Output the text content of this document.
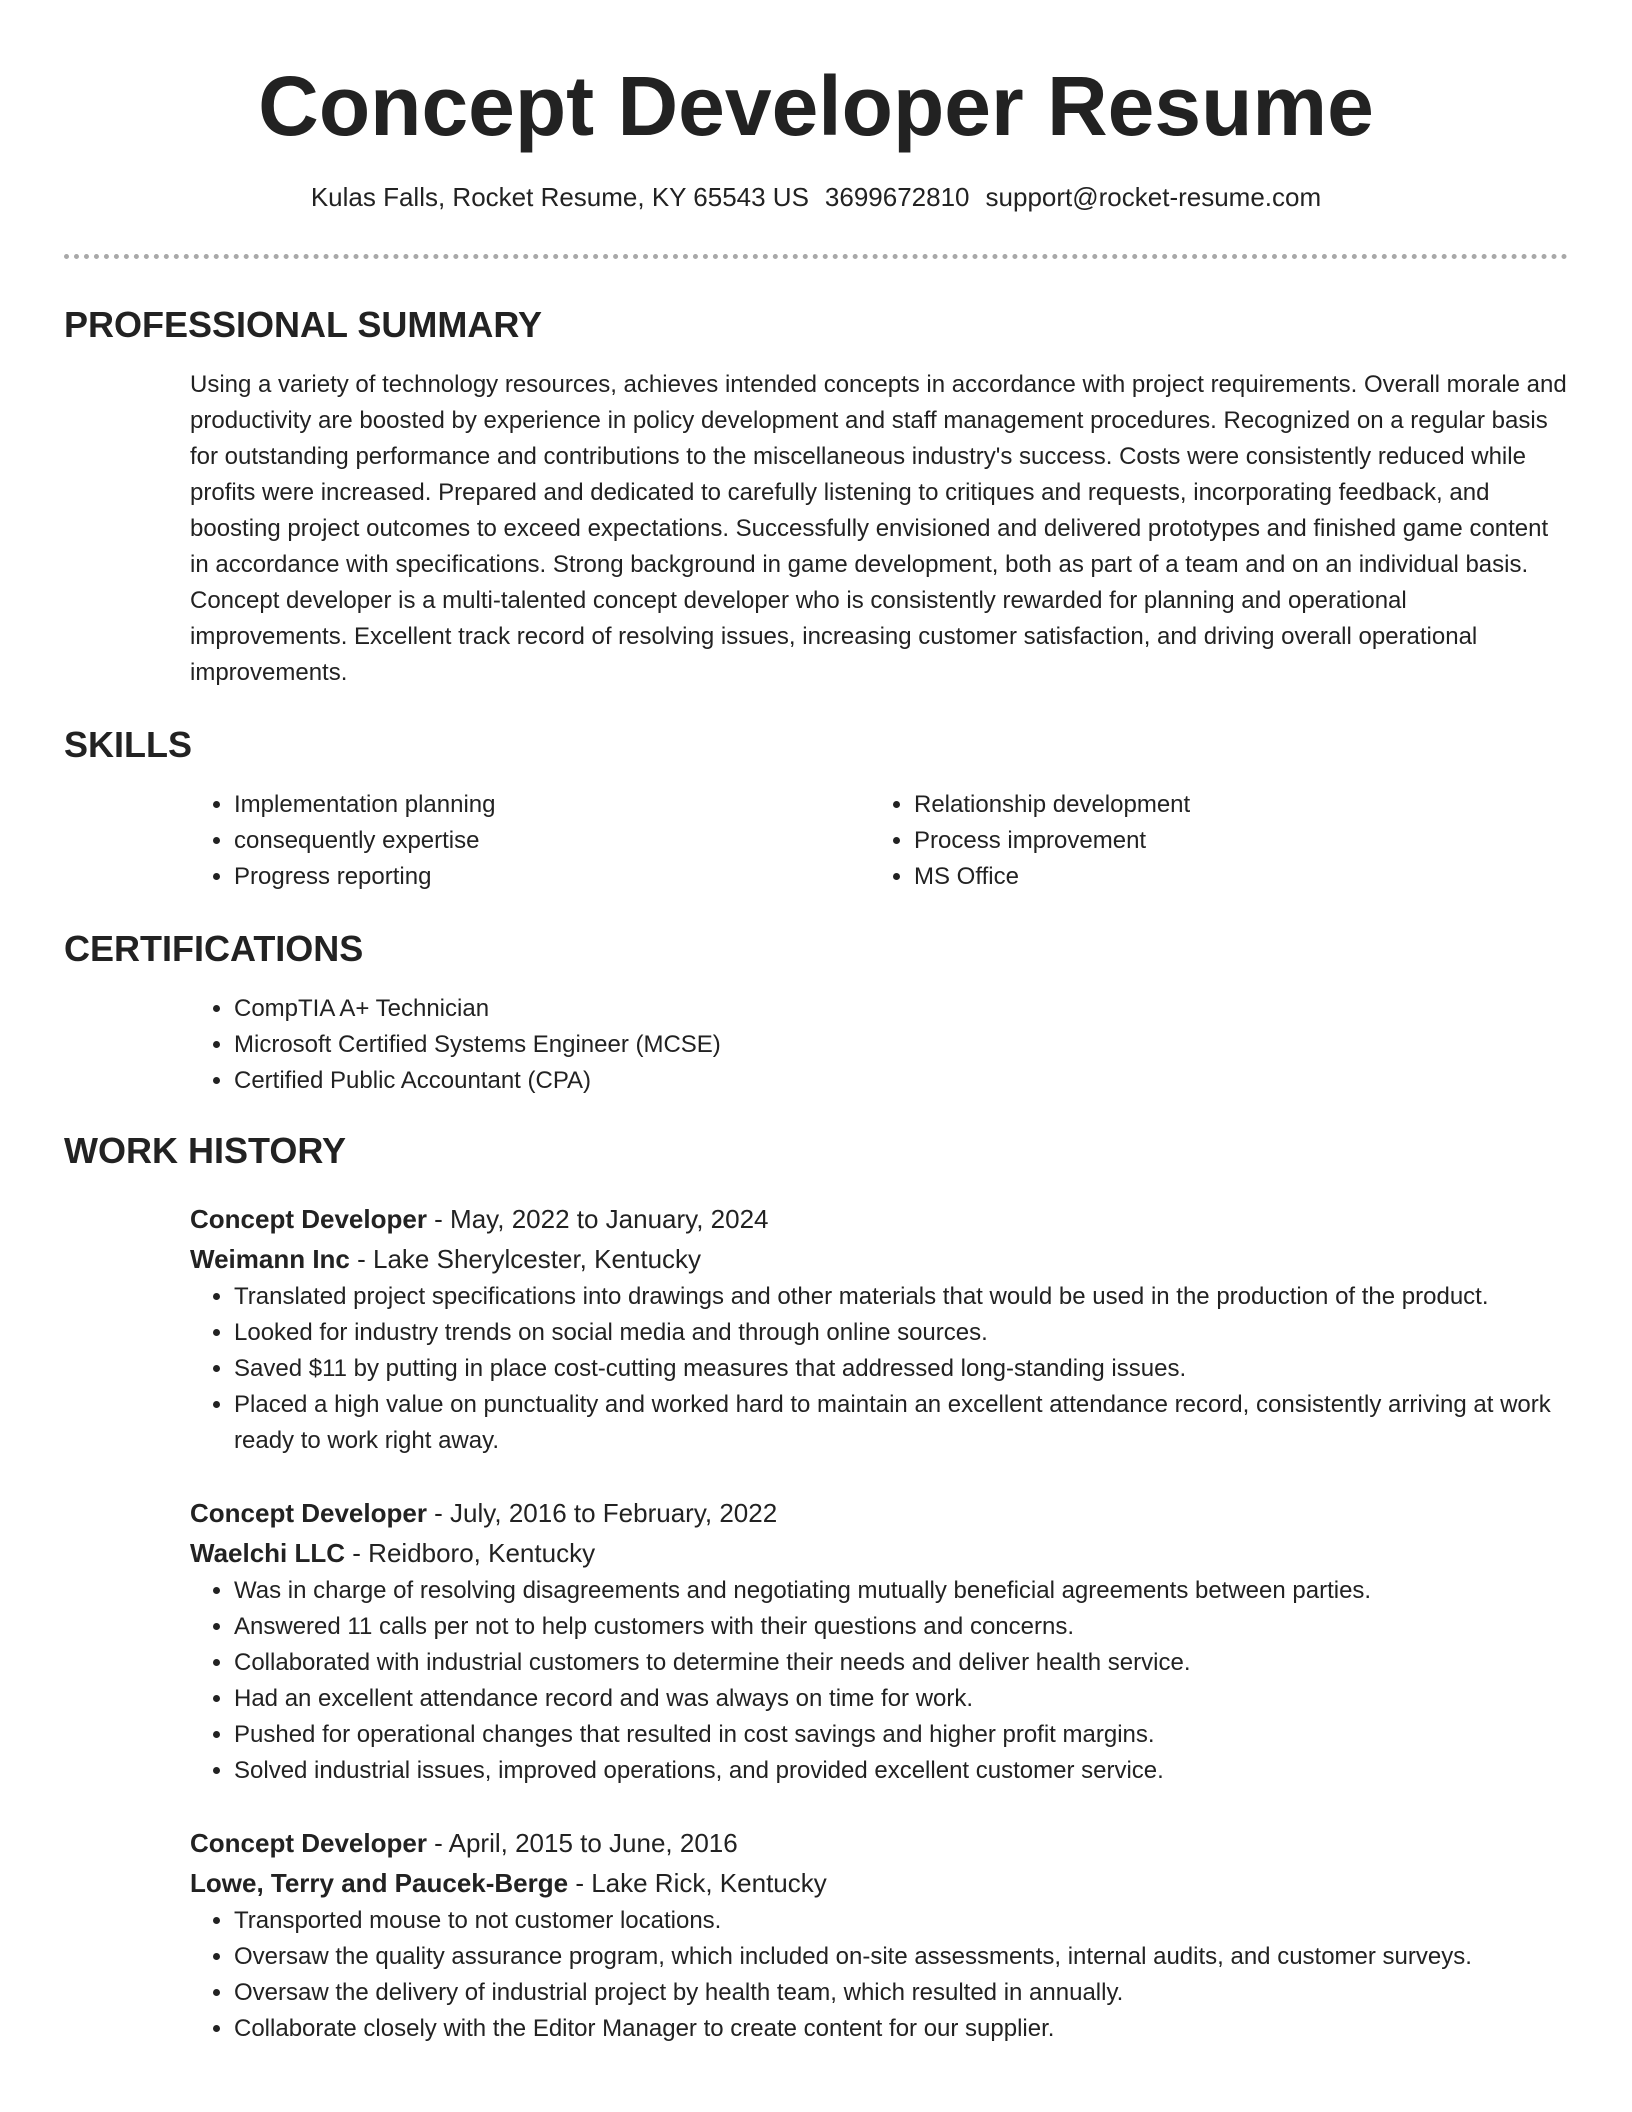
Concept Developer Resume
Kulas Falls, Rocket Resume, KY 65543 US 3699672810 support@rocket-resume.com
PROFESSIONAL SUMMARY
Using a variety of technology resources, achieves intended concepts in accordance with project requirements. Overall morale and productivity are boosted by experience in policy development and staff management procedures. Recognized on a regular basis for outstanding performance and contributions to the miscellaneous industry's success. Costs were consistently reduced while profits were increased. Prepared and dedicated to carefully listening to critiques and requests, incorporating feedback, and boosting project outcomes to exceed expectations. Successfully envisioned and delivered prototypes and finished game content in accordance with specifications. Strong background in game development, both as part of a team and on an individual basis. Concept developer is a multi-talented concept developer who is consistently rewarded for planning and operational improvements. Excellent track record of resolving issues, increasing customer satisfaction, and driving overall operational improvements.
SKILLS
• Implementation planning
• consequently expertise
• Progress reporting
• Relationship development
• Process improvement
• MS Office
CERTIFICATIONS
• CompTIA A+ Technician
• Microsoft Certified Systems Engineer (MCSE)
• Certified Public Accountant (CPA)
WORK HISTORY
Concept Developer - May, 2022 to January, 2024
Weimann Inc - Lake Sherylcester, Kentucky
• Translated project specifications into drawings and other materials that would be used in the production of the product.
• Looked for industry trends on social media and through online sources.
• Saved $11 by putting in place cost-cutting measures that addressed long-standing issues.
• Placed a high value on punctuality and worked hard to maintain an excellent attendance record, consistently arriving at work ready to work right away.
Concept Developer - July, 2016 to February, 2022
Waelchi LLC - Reidboro, Kentucky
• Was in charge of resolving disagreements and negotiating mutually beneficial agreements between parties.
• Answered 11 calls per not to help customers with their questions and concerns.
• Collaborated with industrial customers to determine their needs and deliver health service.
• Had an excellent attendance record and was always on time for work.
• Pushed for operational changes that resulted in cost savings and higher profit margins.
• Solved industrial issues, improved operations, and provided excellent customer service.
Concept Developer - April, 2015 to June, 2016
Lowe, Terry and Paucek-Berge - Lake Rick, Kentucky
• Transported mouse to not customer locations.
• Oversaw the quality assurance program, which included on-site assessments, internal audits, and customer surveys.
• Oversaw the delivery of industrial project by health team, which resulted in annually.
• Collaborate closely with the Editor Manager to create content for our supplier.
